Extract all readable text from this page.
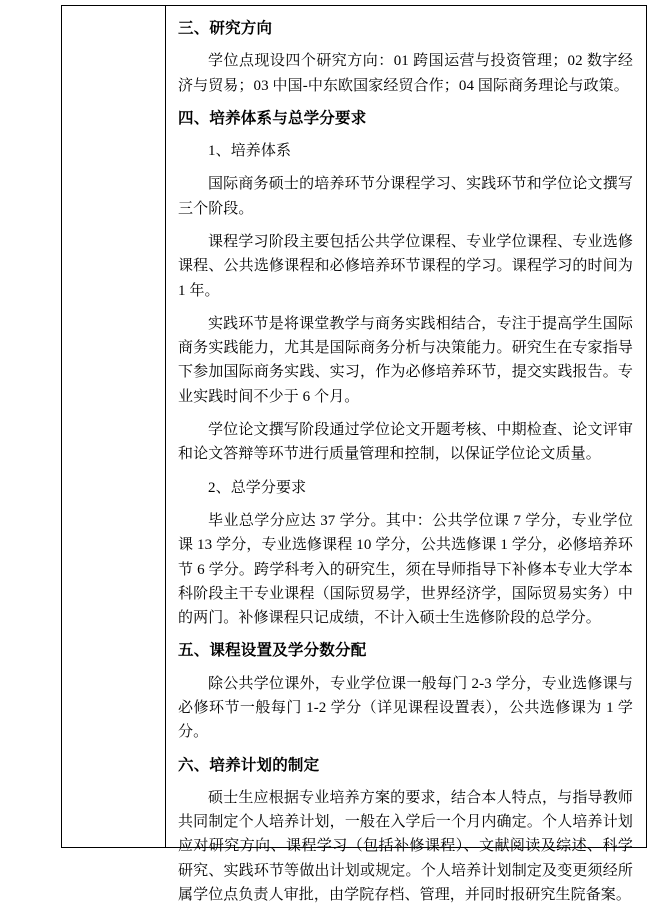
三、研究方向

学位点现设四个研究方向：01 跨国运营与投资管理；02 数字经济与贸易；03 中国-中东欧国家经贸合作；04 国际商务理论与政策。

四、培养体系与总学分要求

1、培养体系

国际商务硕士的培养环节分课程学习、实践环节和学位论文撰写三个阶段。

课程学习阶段主要包括公共学位课程、专业学位课程、专业选修课程、公共选修课程和必修培养环节课程的学习。课程学习的时间为 1 年。

实践环节是将课堂教学与商务实践相结合，专注于提高学生国际商务实践能力，尤其是国际商务分析与决策能力。研究生在专家指导下参加国际商务实践、实习，作为必修培养环节，提交实践报告。专业实践时间不少于 6 个月。

学位论文撰写阶段通过学位论文开题考核、中期检查、论文评审和论文答辩等环节进行质量管理和控制，以保证学位论文质量。

2、总学分要求

毕业总学分应达 37 学分。其中：公共学位课 7 学分，专业学位课 13 学分，专业选修课程 10 学分，公共选修课 1 学分，必修培养环节 6 学分。跨学科考入的研究生，须在导师指导下补修本专业大学本科阶段主干专业课程（国际贸易学，世界经济学，国际贸易实务）中的两门。补修课程只记成绩，不计入硕士生选修阶段的总学分。

五、课程设置及学分数分配

除公共学位课外，专业学位课一般每门 2-3 学分，专业选修课与必修环节一般每门 1-2 学分（详见课程设置表），公共选修课为 1 学分。

六、培养计划的制定

硕士生应根据专业培养方案的要求，结合本人特点，与指导教师共同制定个人培养计划，一般在入学后一个月内确定。个人培养计划应对研究方向、课程学习（包括补修课程）、文献阅读及综述、科学研究、实践环节等做出计划或规定。个人培养计划制定及变更须经所属学位点负责人审批，由学院存档、管理，并同时报研究生院备案。
